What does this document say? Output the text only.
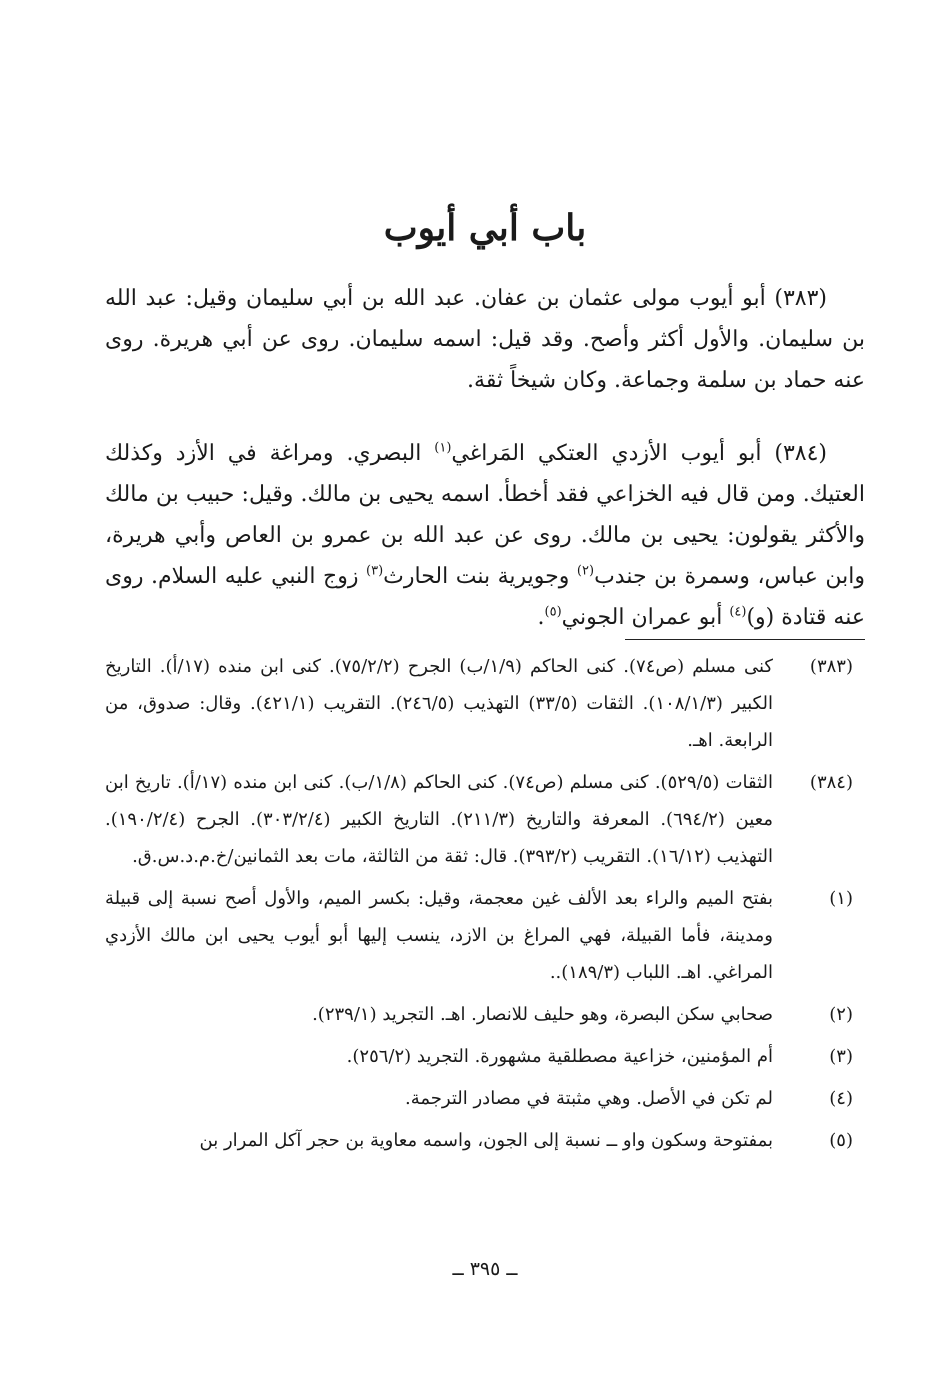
باب أبي أيوب

(٣٨٣) أبو أيوب مولى عثمان بن عفان. عبد الله بن أبي سليمان وقيل: عبد الله بن سليمان. والأول أكثر وأصح. وقد قيل: اسمه سليمان. روى عن أبي هريرة. روى عنه حماد بن سلمة وجماعة. وكان شيخاً ثقة.

(٣٨٤) أبو أيوب الأزدي العتكي المَراغي$^{(١)}$ البصري. ومراغة في الأزد وكذلك العتيك. ومن قال فيه الخزاعي فقد أخطأ. اسمه يحيى بن مالك. وقيل: حبيب بن مالك والأكثر يقولون: يحيى بن مالك. روى عن عبد الله بن عمرو بن العاص وأبي هريرة، وابن عباس، وسمرة بن جندب$^{(٢)}$ وجويرية بنت الحارث$^{(٣)}$ زوج النبي عليه السلام. روى عنه قتادة (و)$^{(٤)}$ أبو عمران الجوني$^{(٥)}$.

(٣٨٣)
كنى مسلم (ص٧٤). كنى الحاكم (١/٩/ب) الجرح (٧٥/٢/٢). كنى ابن منده (١٧/أ). التاريخ الكبير (١٠٨/١/٣). الثقات (٣٣/٥) التهذيب (٢٤٦/٥). التقريب (٤٢١/١). وقال: صدوق، من الرابعة. اهـ.
(٣٨٤)
الثقات (٥٢٩/٥). كنى مسلم (ص٧٤). كنى الحاكم (١/٨/ب). كنى ابن منده (١٧/أ). تاريخ ابن معين (٦٩٤/٢). المعرفة والتاريخ (٢١١/٣). التاريخ الكبير (٣٠٣/٢/٤). الجرح (١٩٠/٢/٤). التهذيب (١٦/١٢). التقريب (٣٩٣/٢). قال: ثقة من الثالثة، مات بعد الثمانين/خ.م.د.س.ق.
(١)
بفتح الميم والراء بعد الألف غين معجمة، وقيل: بكسر الميم، والأول أصح نسبة إلى قبيلة ومدينة، فأما القبيلة، فهي المراغ بن الازد، ينسب إليها أبو أيوب يحيى ابن مالك الأزدي المراغي. اهـ. اللباب (١٨٩/٣)..
(٢)
صحابي سكن البصرة، وهو حليف للانصار. اهـ. التجريد (٢٣٩/١).
(٣)
أم المؤمنين، خزاعية مصطلقية مشهورة. التجريد (٢٥٦/٢).
(٤)
لم تكن في الأصل. وهي مثبتة في مصادر الترجمة.
(٥)
بمفتوحة وسكون واو ــ نسبة إلى الجون، واسمه معاوية بن حجر آكل المرار بن
ــ ٣٩٥ ــ
